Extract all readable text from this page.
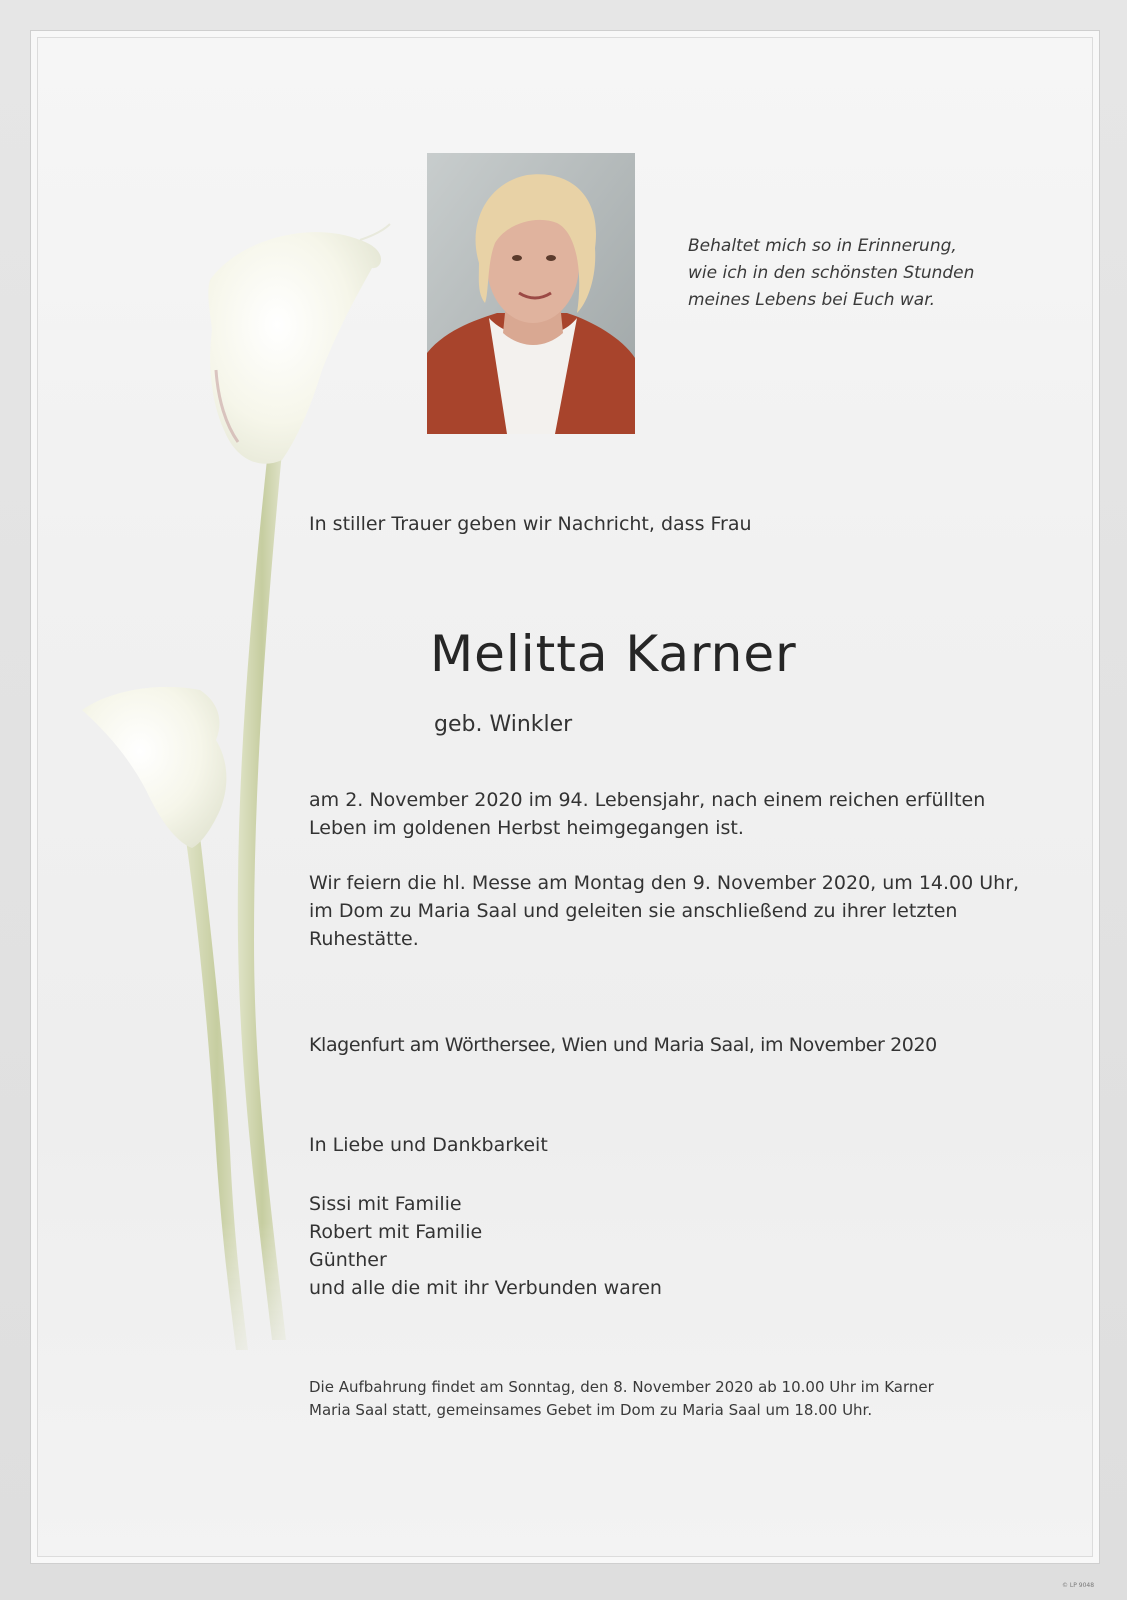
Behaltet mich so in Erinnerung,
wie ich in den schönsten Stunden
meines Lebens bei Euch war.
In stiller Trauer geben wir Nachricht, dass Frau
Melitta Karner
geb. Winkler
am 2. November 2020 im 94. Lebensjahr, nach einem reichen erfüllten
Leben im goldenen Herbst heimgegangen ist.
Wir feiern die hl. Messe am Montag den 9. November 2020, um 14.00 Uhr,
im Dom zu Maria Saal und geleiten sie anschließend zu ihrer letzten
Ruhestätte.
Klagenfurt am Wörthersee, Wien und Maria Saal, im November 2020
In Liebe und Dankbarkeit
Sissi mit Familie
Robert mit Familie
Günther
und alle die mit ihr Verbunden waren
Die Aufbahrung findet am Sonntag, den 8. November 2020 ab 10.00 Uhr im Karner
Maria Saal statt, gemeinsames Gebet im Dom zu Maria Saal um 18.00 Uhr.
© LP 9048
